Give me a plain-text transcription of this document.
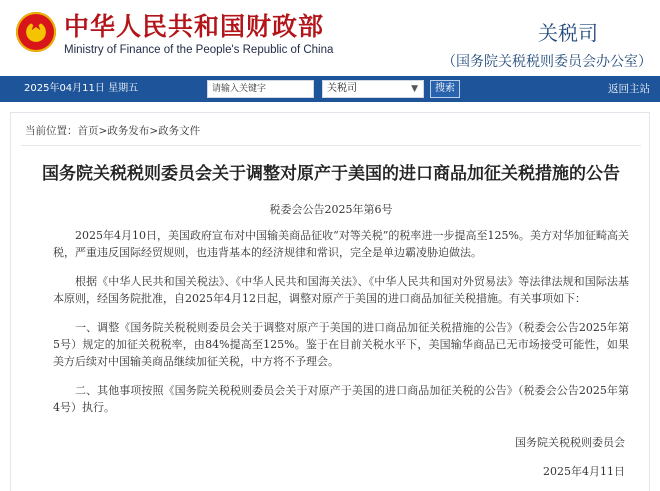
★
中华人民共和国财政部
Ministry of Finance of the People's Republic of China
关税司
（国务院关税税则委员会办公室）
2025年04月11日 星期五
请输入关键字	关税司	▼	搜索	返回主站
当前位置：首页>政务发布>政务文件
国务院关税税则委员会关于调整对原产于美国的进口商品加征关税措施的公告
税委会公告2025年第6号

2025年4月10日，美国政府宣布对中国输美商品征收“对等关税”的税率进一步提高至125%。美方对华加征畸高关税，严重违反国际经贸规则，也违背基本的经济规律和常识，完全是单边霸凌胁迫做法。

根据《中华人民共和国关税法》、《中华人民共和国海关法》、《中华人民共和国对外贸易法》等法律法规和国际法基本原则，经国务院批准，自2025年4月12日起，调整对原产于美国的进口商品加征关税措施。有关事项如下：

一、调整《国务院关税税则委员会关于调整对原产于美国的进口商品加征关税措施的公告》（税委会公告2025年第5号）规定的加征关税税率，由84%提高至125%。鉴于在目前关税水平下，美国输华商品已无市场接受可能性，如果美方后续对中国输美商品继续加征关税，中方将不予理会。

二、其他事项按照《国务院关税税则委员会关于对原产于美国的进口商品加征关税的公告》（税委会公告2025年第4号）执行。

国务院关税税则委员会
2025年4月11日
